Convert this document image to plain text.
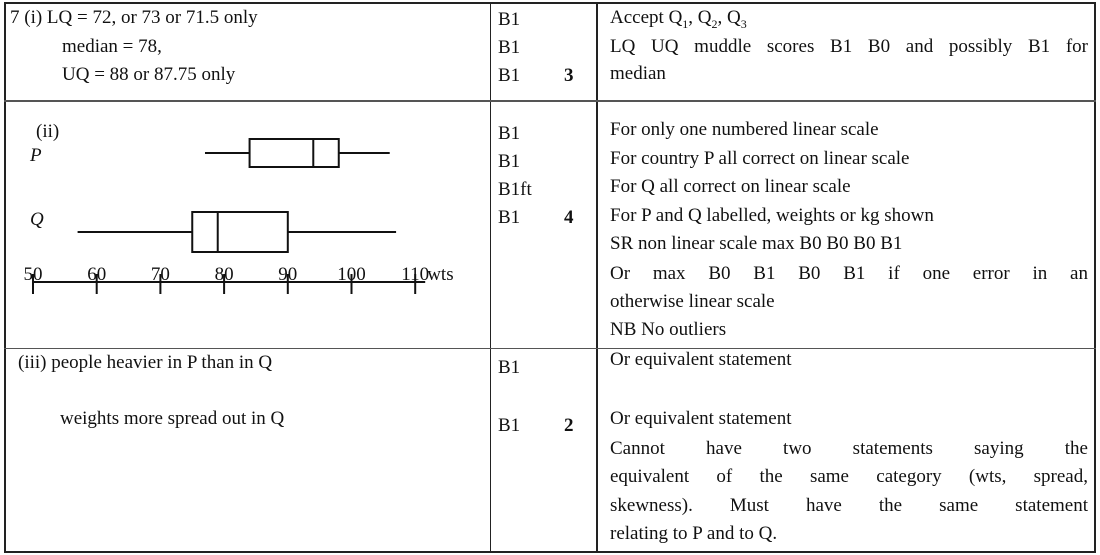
7 (i) LQ = 72, or 73 or 71.5 only
median = 78,
UQ = 88 or 87.75 only
B1
B1
B1 3
Accept $Q_1$, $Q_2$, $Q_3$
LQ UQ muddle scores B1 B0 and possibly B1 for
median
(ii)
P
Q
50 60 70 80 90 100 110
wts
B1
B1
B1ft
B1 4
For only one numbered linear scale
For country P all correct on linear scale
For Q all correct on linear scale
For P and Q labelled, weights or kg shown
SR non linear scale max B0 B0 B0 B1
Or max B0 B1 B0 B1 if one error in an
otherwise linear scale
NB No outliers
(iii) people heavier in P than in Q
weights more spread out in Q
B1
B1 2
Or equivalent statement
Or equivalent statement
Cannot have two statements saying the
equivalent of the same category (wts, spread,
skewness). Must have the same statement
relating to P and to Q.
